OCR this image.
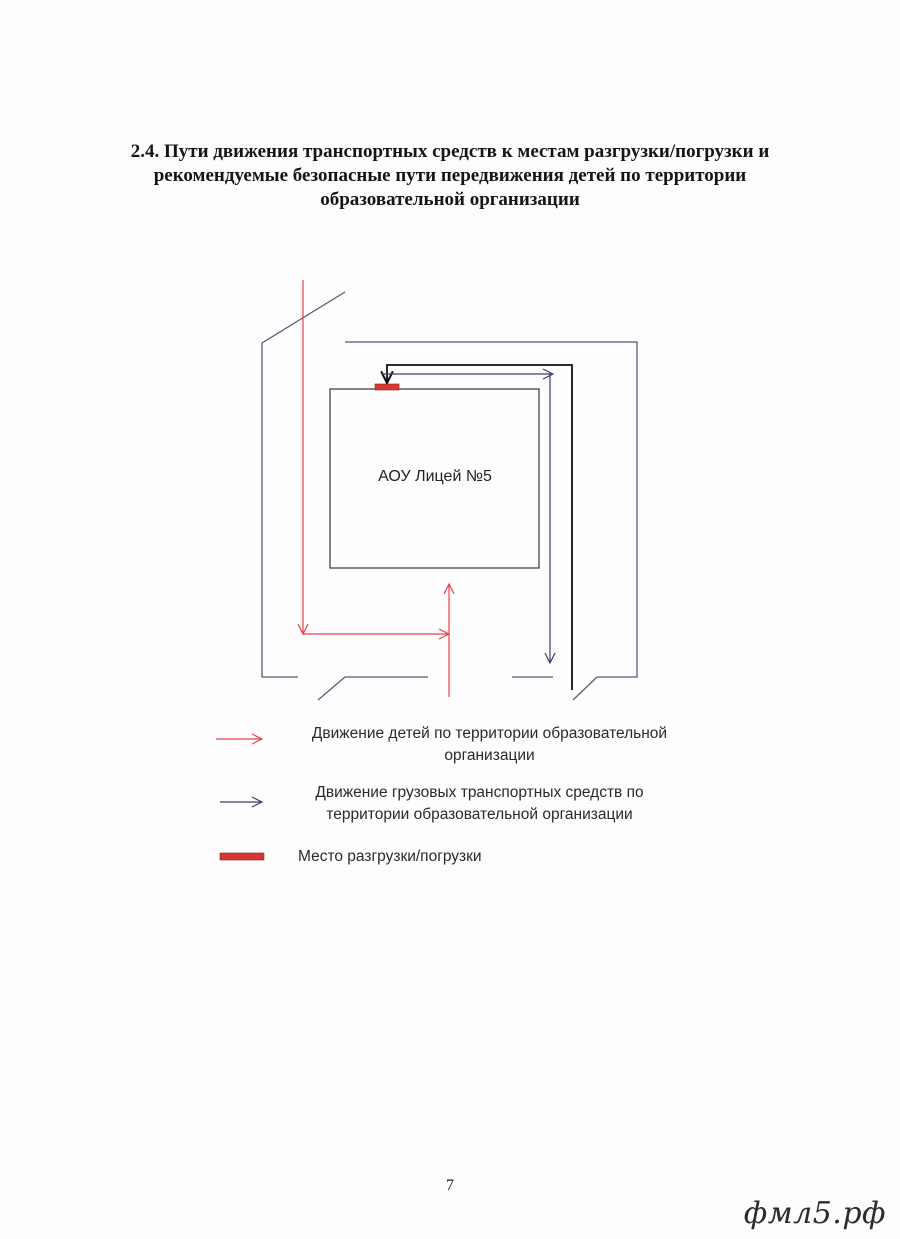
2.4. Пути движения транспортных средств к местам разгрузки/погрузки и
рекомендуемые безопасные пути передвижения детей по территории
образовательной организации
АОУ Лицей №5
Движение детей по территории образовательной организации
Движение грузовых транспортных средств по территории образовательной организации
Место разгрузки/погрузки
7
фмл5.рф
